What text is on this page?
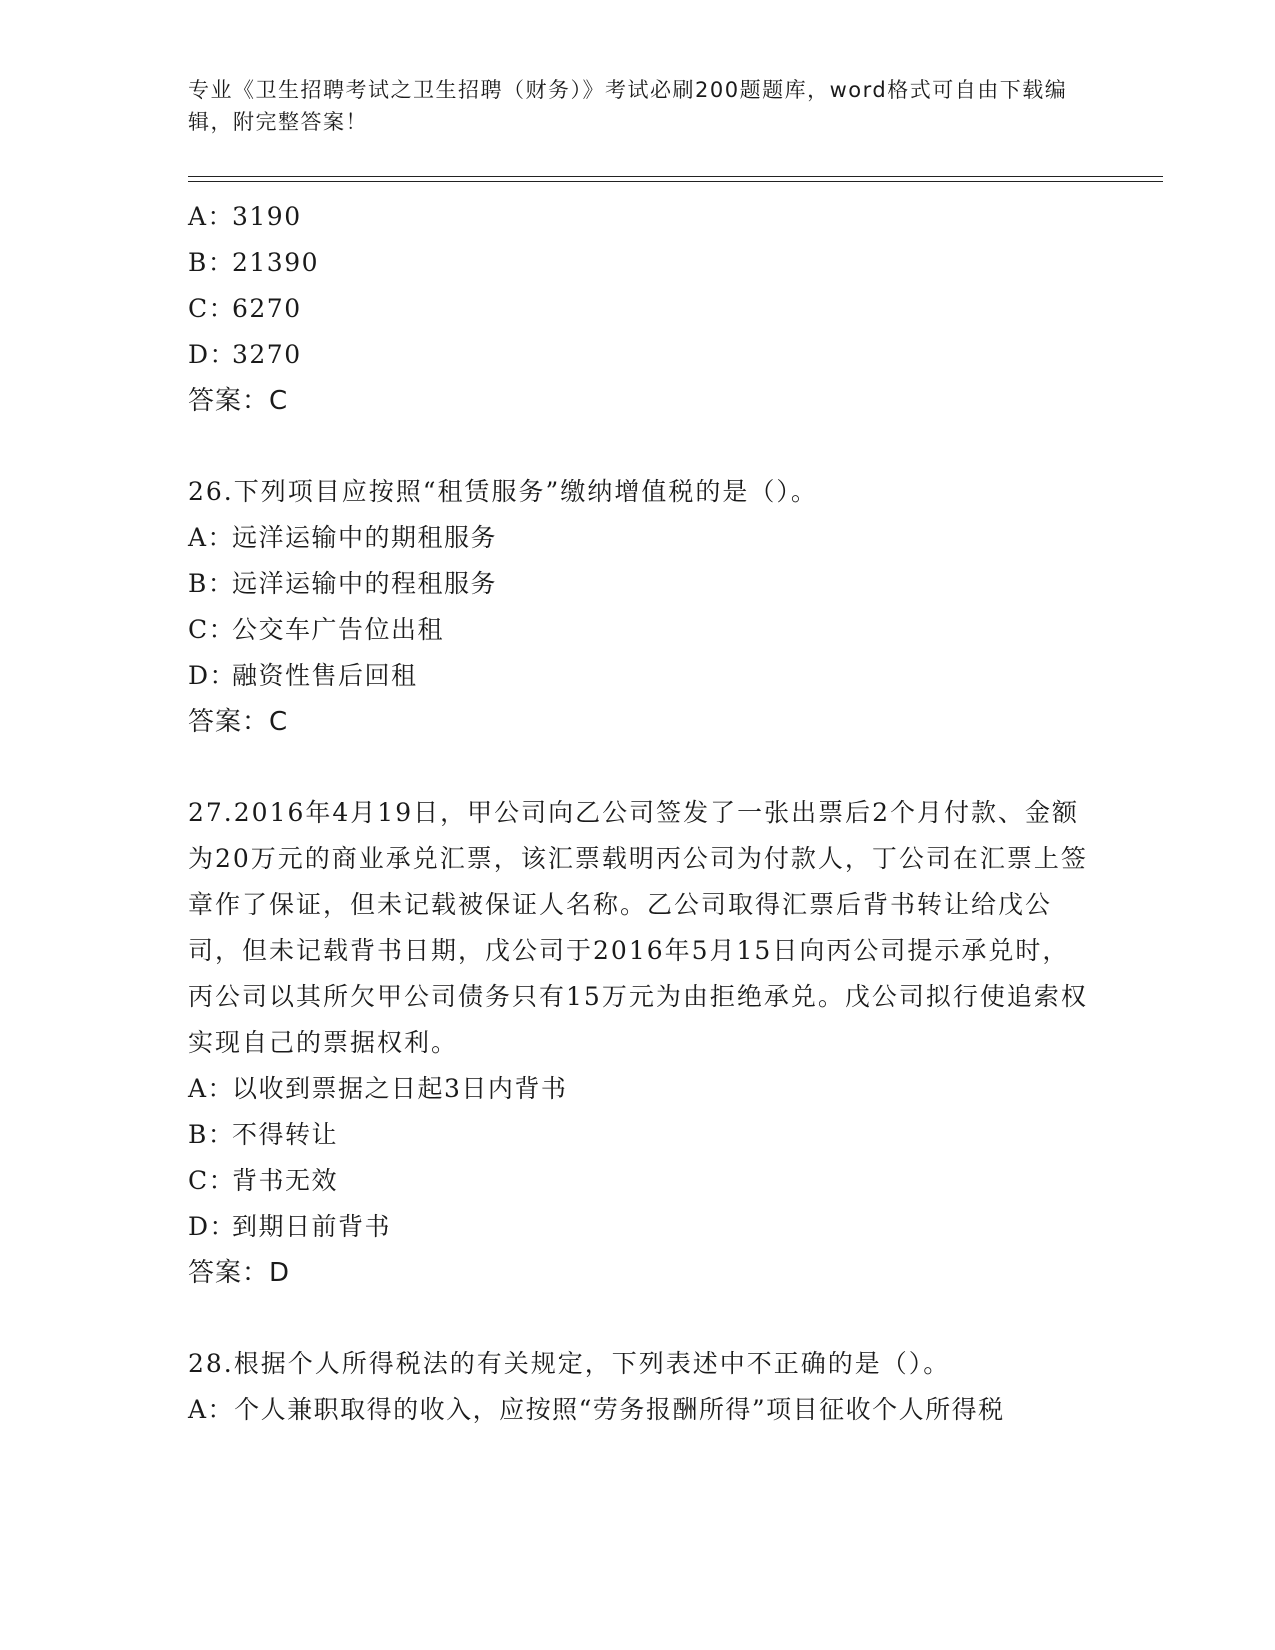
专业《卫生招聘考试之卫生招聘（财务）》考试必刷200题题库，word格式可自由下载编辑，附完整答案！
A：3190
B：21390
C：6270
D：3270
答案：C
26.下列项目应按照“租赁服务”缴纳增值税的是（）。
A：远洋运输中的期租服务
B：远洋运输中的程租服务
C：公交车广告位出租
D：融资性售后回租
答案：C
27.2016年4月19日，甲公司向乙公司签发了一张出票后2个月付款、金额为20万元的商业承兑汇票，该汇票载明丙公司为付款人，丁公司在汇票上签章作了保证，但未记载被保证人名称。乙公司取得汇票后背书转让给戊公司，但未记载背书日期，戊公司于2016年5月15日向丙公司提示承兑时，丙公司以其所欠甲公司债务只有15万元为由拒绝承兑。戊公司拟行使追索权实现自己的票据权利。
A：以收到票据之日起3日内背书
B：不得转让
C：背书无效
D：到期日前背书
答案：D
28.根据个人所得税法的有关规定，下列表述中不正确的是（）。
A：个人兼职取得的收入，应按照“劳务报酬所得”项目征收个人所得税
